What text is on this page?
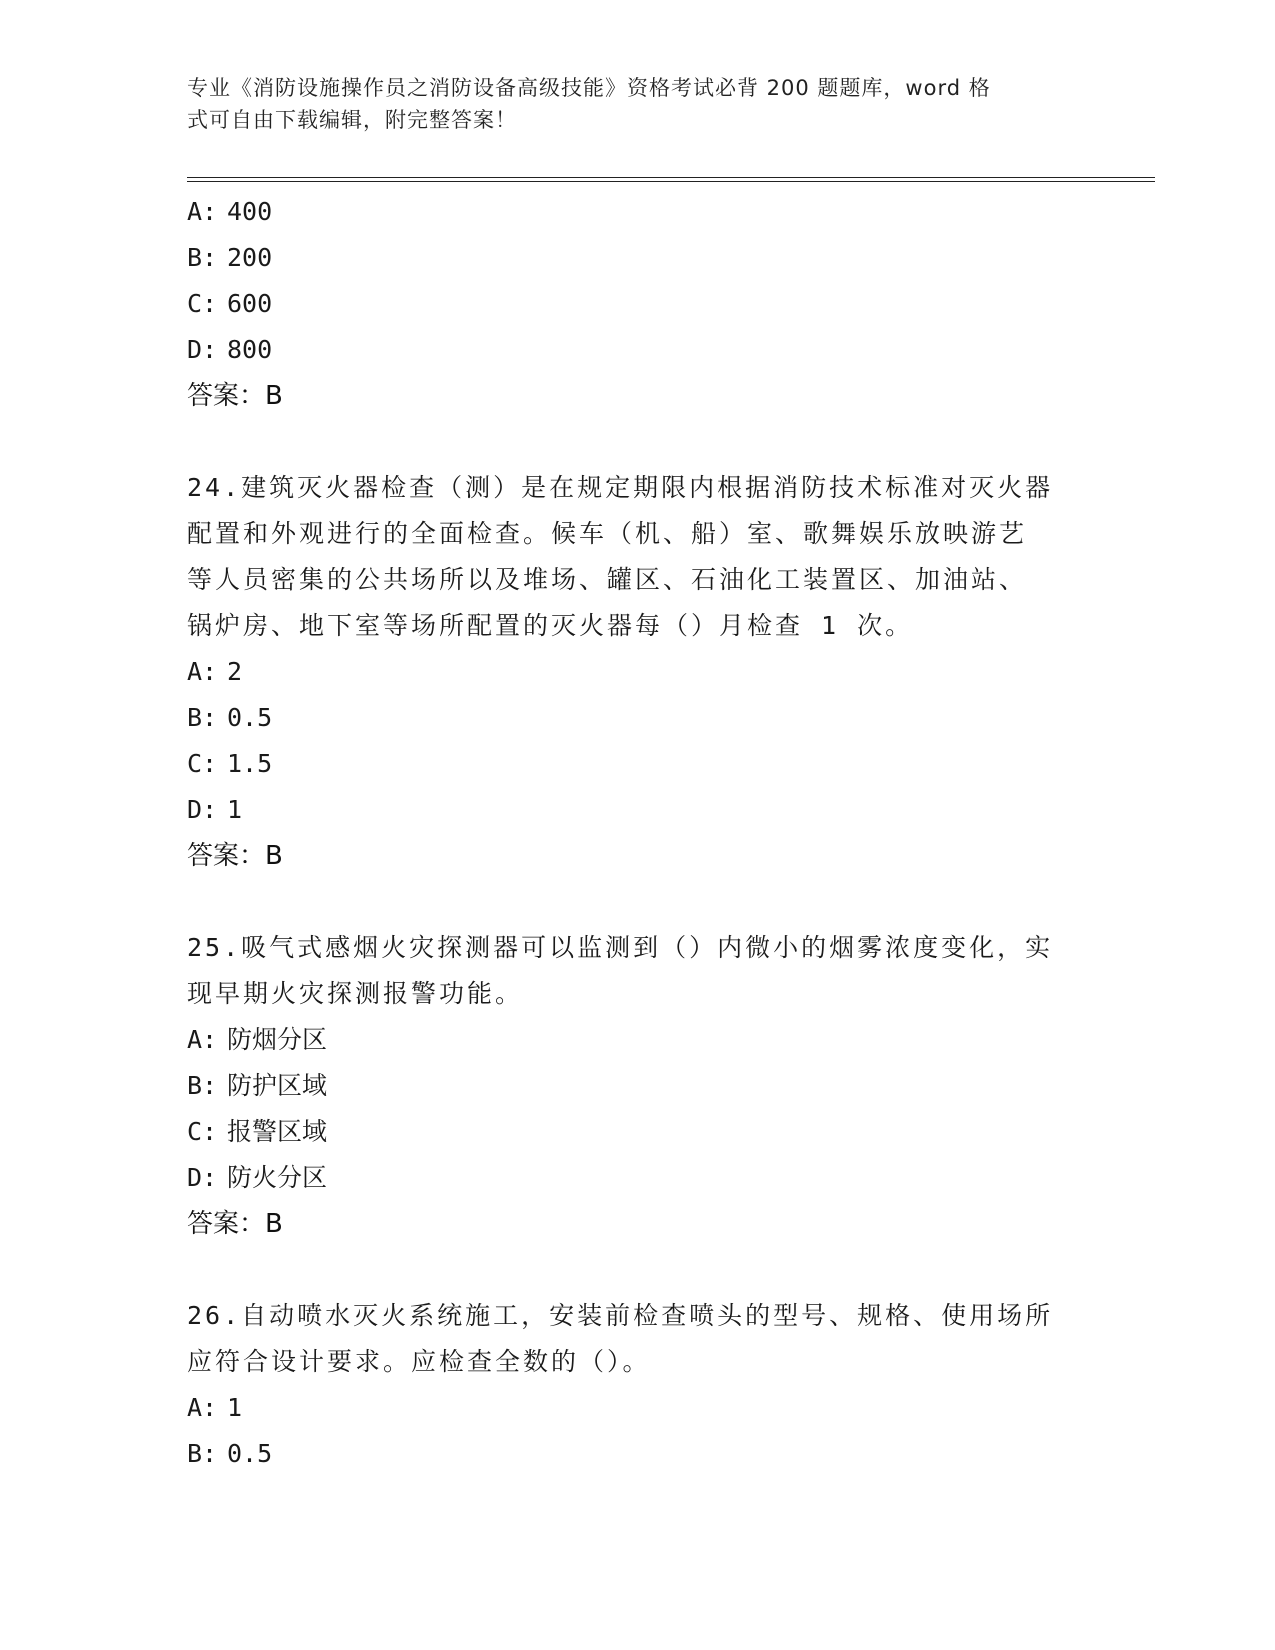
专业《消防设施操作员之消防设备高级技能》资格考试必背 200 题题库，word 格
式可自由下载编辑，附完整答案！
A: 400
B: 200
C: 600
D: 800
答案：B
24.建筑灭火器检查（测）是在规定期限内根据消防技术标准对灭火器
配置和外观进行的全面检查。候车（机、船）室、歌舞娱乐放映游艺
等人员密集的公共场所以及堆场、罐区、石油化工装置区、加油站、
锅炉房、地下室等场所配置的灭火器每（）月检查 1 次。
A: 2
B: 0.5
C: 1.5
D: 1
答案：B
25.吸气式感烟火灾探测器可以监测到（）内微小的烟雾浓度变化，实
现早期火灾探测报警功能。
A: 防烟分区
B: 防护区域
C: 报警区域
D: 防火分区
答案：B
26.自动喷水灭火系统施工，安装前检查喷头的型号、规格、使用场所
应符合设计要求。应检查全数的（）。
A: 1
B: 0.5
